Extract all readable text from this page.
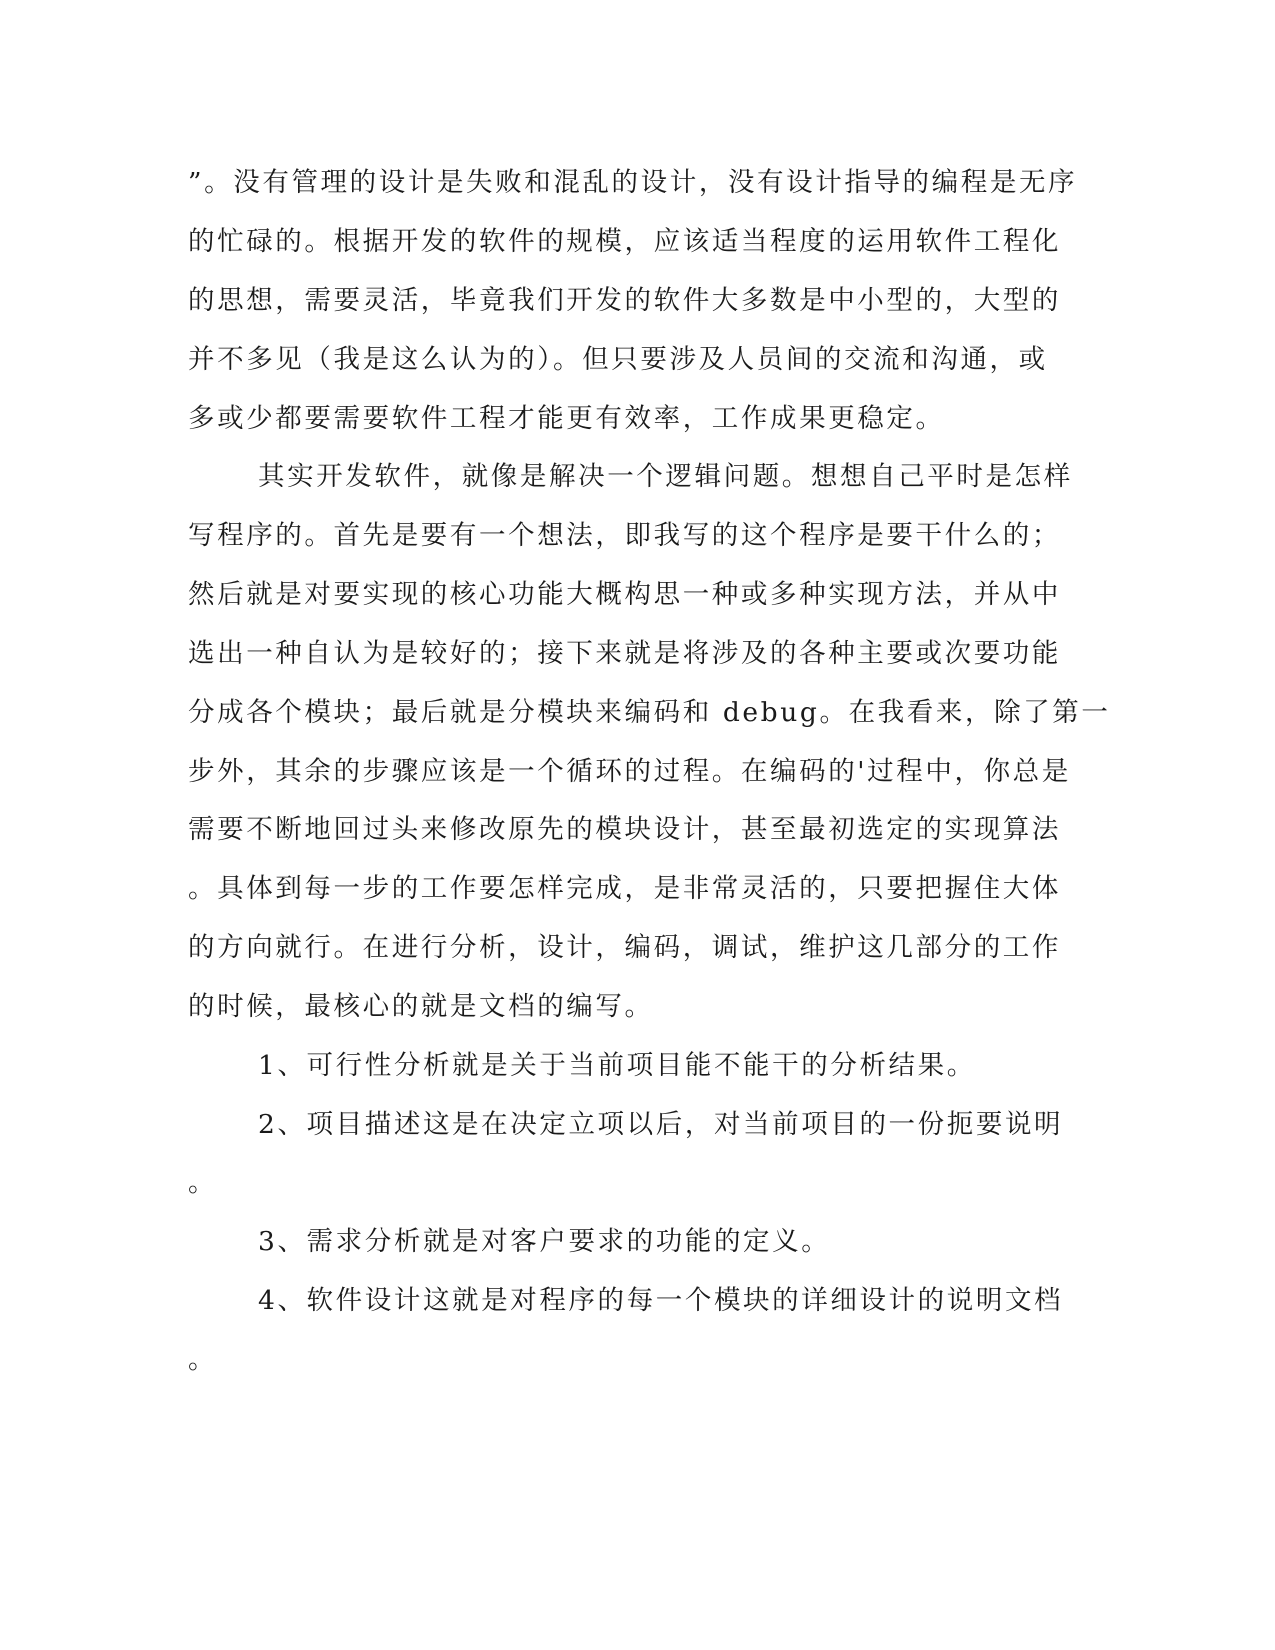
”。没有管理的设计是失败和混乱的设计，没有设计指导的编程是无序
的忙碌的。根据开发的软件的规模，应该适当程度的运用软件工程化
的思想，需要灵活，毕竟我们开发的软件大多数是中小型的，大型的
并不多见（我是这么认为的）。但只要涉及人员间的交流和沟通，或
多或少都要需要软件工程才能更有效率，工作成果更稳定。
其实开发软件，就像是解决一个逻辑问题。想想自己平时是怎样
写程序的。首先是要有一个想法，即我写的这个程序是要干什么的；
然后就是对要实现的核心功能大概构思一种或多种实现方法，并从中
选出一种自认为是较好的；接下来就是将涉及的各种主要或次要功能
分成各个模块；最后就是分模块来编码和 debug。在我看来，除了第一
步外，其余的步骤应该是一个循环的过程。在编码的'过程中，你总是
需要不断地回过头来修改原先的模块设计，甚至最初选定的实现算法
。具体到每一步的工作要怎样完成，是非常灵活的，只要把握住大体
的方向就行。在进行分析，设计，编码，调试，维护这几部分的工作
的时候，最核心的就是文档的编写。
1、可行性分析就是关于当前项目能不能干的分析结果。
2、项目描述这是在决定立项以后，对当前项目的一份扼要说明
。
3、需求分析就是对客户要求的功能的定义。
4、软件设计这就是对程序的每一个模块的详细设计的说明文档
。
